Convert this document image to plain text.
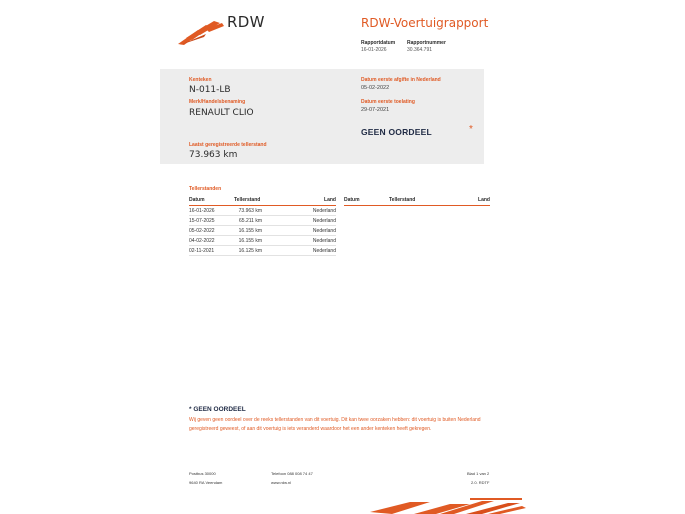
RDW	RDW-Voertuigrapport
Rapportdatum
16-01-2026
Rapportnummer
30.364.791
Kenteken
N-011-LB
Merk/Handelsbenaming
RENAULT CLIO
Laatst geregistreerde tellerstand
73.963 km
Datum eerste afgifte in Nederland
05-02-2022
Datum eerste toelating
29-07-2021
GEEN OORDEEL	*
Tellerstanden
Datum	Tellerstand	Land
16-01-2026	73.963 km	Nederland
15-07-2025	65.211 km	Nederland
05-02-2022	16.155 km	Nederland
04-02-2022	16.155 km	Nederland
02-11-2021	16.125 km	Nederland
Datum	Tellerstand	Land
* GEEN OORDEEL
Wij geven geen oordeel over de reeks tellerstanden van dit voertuig. Dit kan twee oorzaken hebben: dit voertuig is buiten Nederland geregistreerd geweest, of aan dit voertuig is iets veranderd waardoor het een ander kenteken heeft gekregen.
Postbus 30000
9640 RA Veendam
Telefoon 088 008 74 47
www.rdw.nl
Blad 1 van 2
2.0. RDTF
